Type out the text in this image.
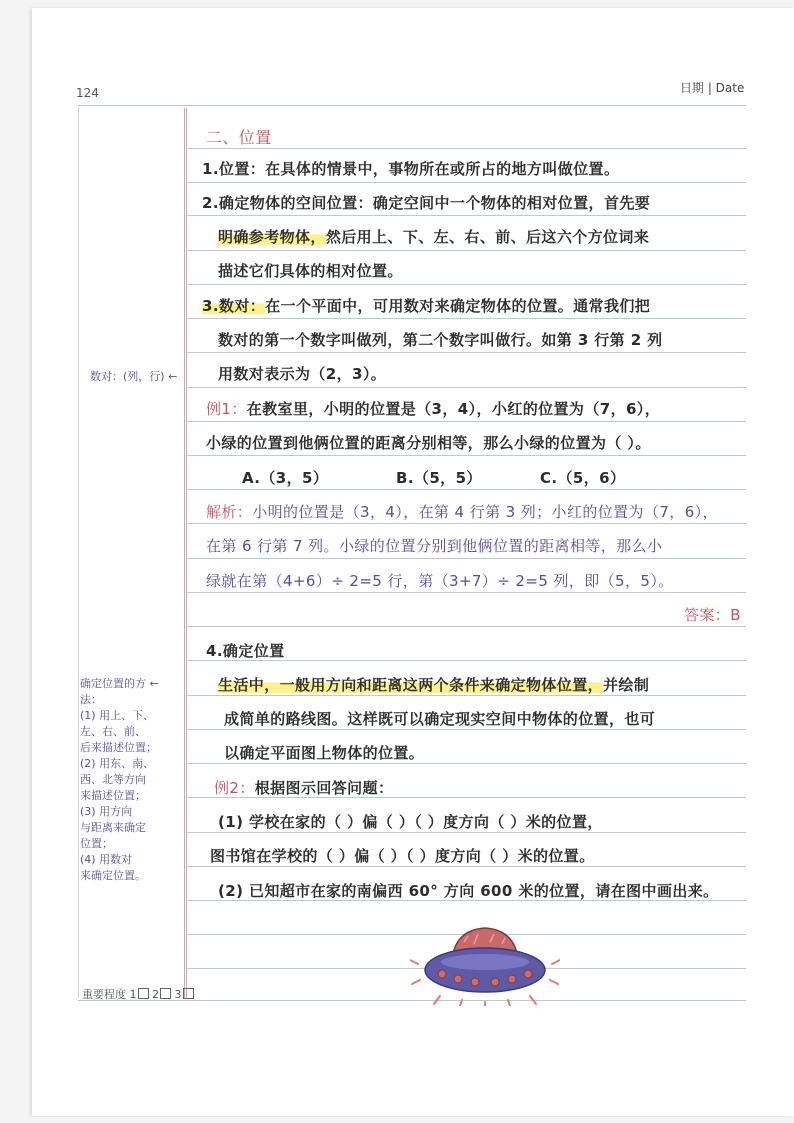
124	日期 | Date
二、位置
1.位置：在具体的情景中，事物所在或所占的地方叫做位置。
2.确定物体的空间位置：确定空间中一个物体的相对位置，首先要
明确参考物体，然后用上、下、左、右、前、后这六个方位词来
描述它们具体的相对位置。
3.数对：在一个平面中，可用数对来确定物体的位置。通常我们把
数对的第一个数字叫做列，第二个数字叫做行。如第 3 行第 2 列
用数对表示为（2，3）。
例1：在教室里，小明的位置是（3，4），小红的位置为（7，6），
小绿的位置到他俩位置的距离分别相等，那么小绿的位置为（ ）。
A.（3，5）	B.（5，5）	C.（5，6）
解析：小明的位置是（3，4），在第 4 行第 3 列；小红的位置为（7，6），
在第 6 行第 7 列。小绿的位置分别到他俩位置的距离相等，那么小
绿就在第（4+6）÷ 2=5 行，第（3+7）÷ 2=5 列，即（5，5）。
答案：B
4.确定位置
生活中，一般用方向和距离这两个条件来确定物体位置，并绘制
成简单的路线图。这样既可以确定现实空间中物体的位置，也可
以确定平面图上物体的位置。
例2：根据图示回答问题：
(1) 学校在家的（ ）偏（ ）（ ）度方向（ ）米的位置，
图书馆在学校的（ ）偏（ ）（ ）度方向（ ）米的位置。
(2) 已知超市在家的南偏西 60° 方向 600 米的位置，请在图中画出来。
数对：(列，行) ←
确定位置的方 ←
法：
(1) 用上、下、
左、右、前、
后来描述位置；
(2) 用东、南、
西、北等方向
来描述位置；
(3) 用方向
与距离来确定
位置；
(4) 用数对
来确定位置。
重要程度 1 2 3
